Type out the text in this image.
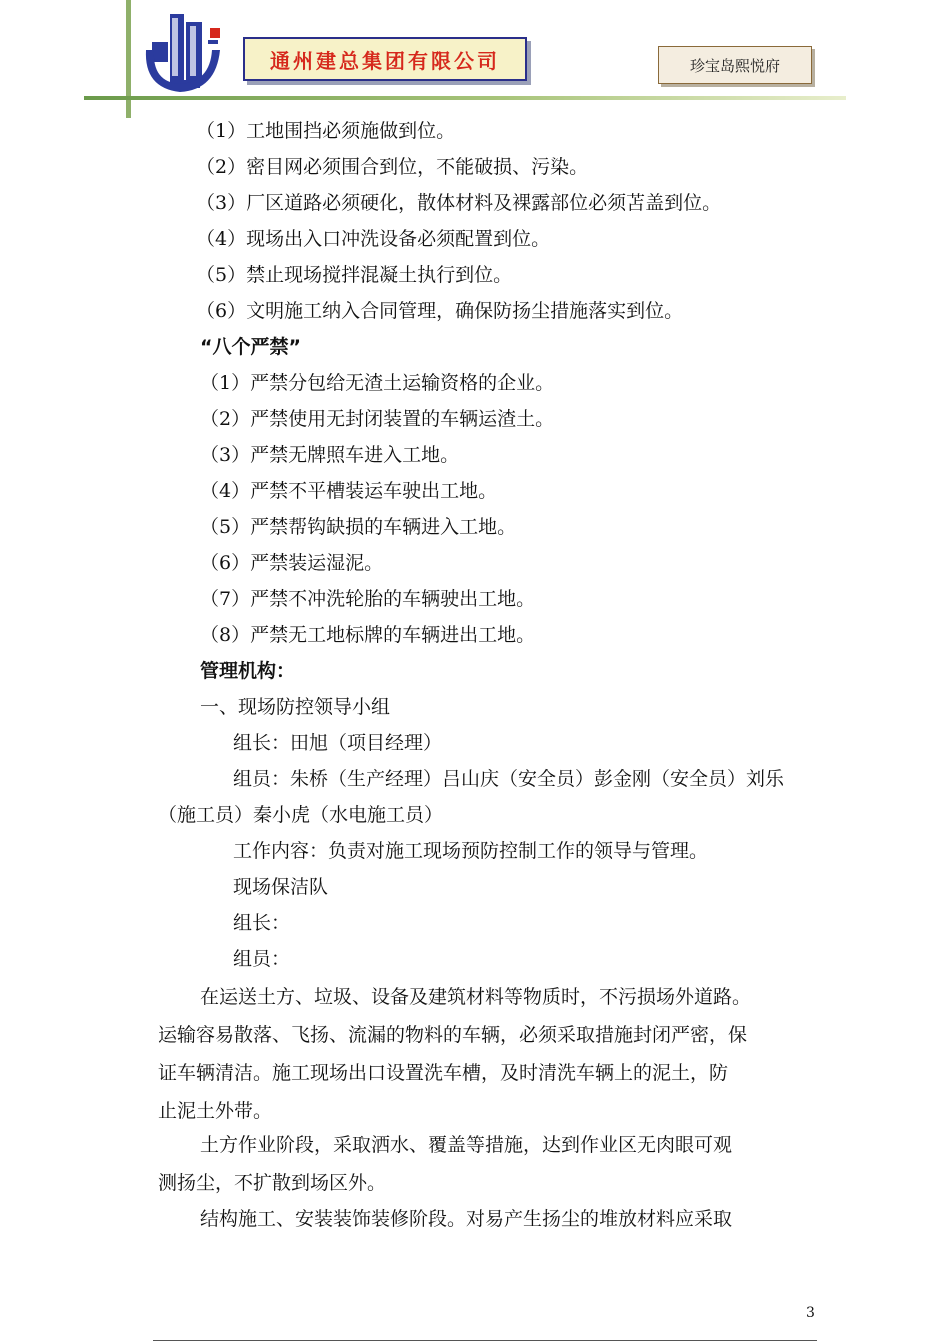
通州建总集团有限公司	珍宝岛熙悦府
（1）工地围挡必须施做到位。
（2）密目网必须围合到位，不能破损、污染。
（3）厂区道路必须硬化，散体材料及裸露部位必须苫盖到位。
（4）现场出入口冲洗设备必须配置到位。
（5）禁止现场搅拌混凝土执行到位。
（6）文明施工纳入合同管理，确保防扬尘措施落实到位。
“八个严禁”
（1）严禁分包给无渣土运输资格的企业。
（2）严禁使用无封闭装置的车辆运渣土。
（3）严禁无牌照车进入工地。
（4）严禁不平槽装运车驶出工地。
（5）严禁帮钩缺损的车辆进入工地。
（6）严禁装运湿泥。
（7）严禁不冲洗轮胎的车辆驶出工地。
（8）严禁无工地标牌的车辆进出工地。
管理机构：
一、现场防控领导小组
组长：田旭（项目经理）
组员：朱桥（生产经理）吕山庆（安全员）彭金刚（安全员）刘乐
（施工员）秦小虎（水电施工员）
工作内容：负责对施工现场预防控制工作的领导与管理。
现场保洁队
组长：
组员：
在运送土方、垃圾、设备及建筑材料等物质时，不污损场外道路。
运输容易散落、飞扬、流漏的物料的车辆，必须采取措施封闭严密，保
证车辆清洁。施工现场出口设置洗车槽，及时清洗车辆上的泥土，防
止泥土外带。
土方作业阶段，采取洒水、覆盖等措施，达到作业区无肉眼可观
测扬尘，不扩散到场区外。
结构施工、安装装饰装修阶段。对易产生扬尘的堆放材料应采取
3
